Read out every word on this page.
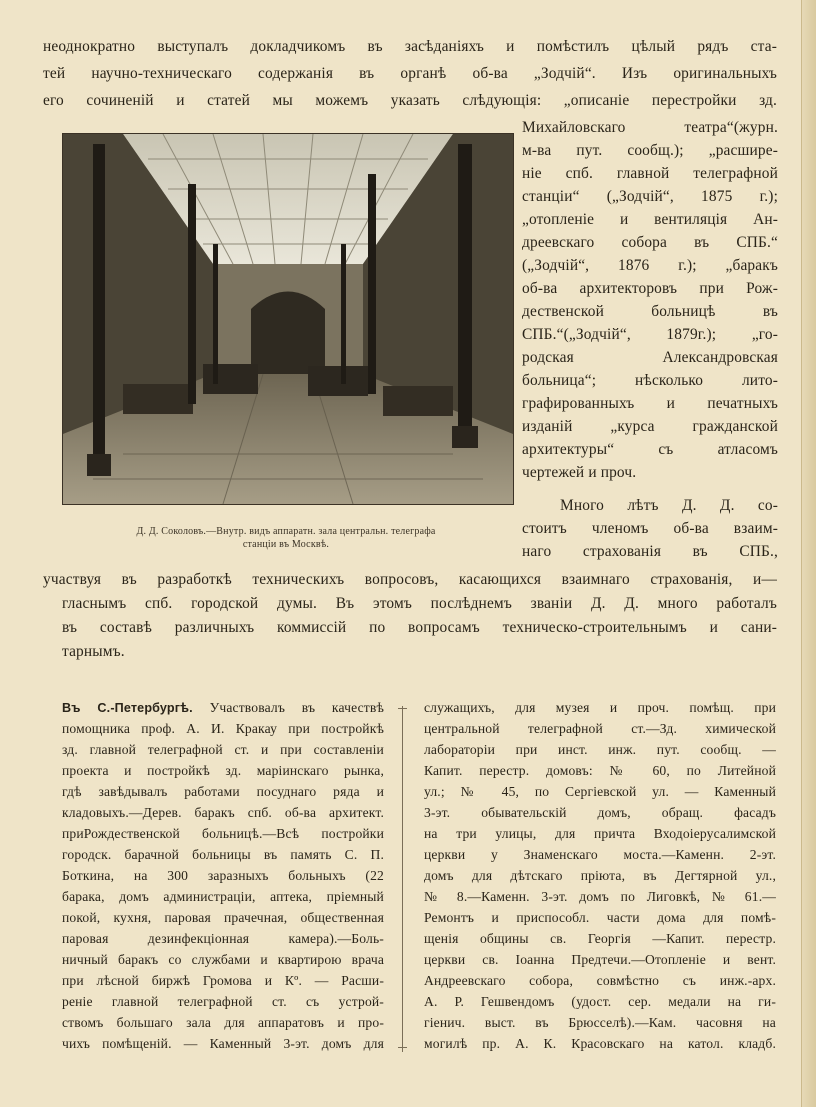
неоднократно выступалъ докладчикомъ въ засѣданіяхъ и помѣстилъ цѣлый рядъ ста-
тей научно-техническаго содержанія въ органѣ об-ва „Зодчій“. Изъ оригинальныхъ
его сочиненій и статей мы можемъ указать слѣдующія: „описаніе перестройки зд.
Д. Д. Соколовъ.—Внутр. видъ аппаратн. зала центральн. телеграфа
станціи въ Москвѣ.
Михайловскаго театра“(журн.
м-ва пут. сообщ.); „расшире-
ніе спб. главной телеграфной
станціи“ („Зодчій“, 1875 г.);
„отопленіе и вентиляція Ан-
дреевскаго собора въ СПБ.“
(„Зодчій“, 1876 г.); „баракъ
об-ва архитекторовъ при Рож-
дественской больницѣ въ
СПБ.“(„Зодчій“, 1879г.); „го-
родская Александровская
больница“; нѣсколько лито-
графированныхъ и печатныхъ
изданій „курса гражданской
архитектуры“ съ атласомъ
чертежей и проч.
Много лѣтъ Д. Д. со-
стоитъ членомъ об-ва взаим-
наго страхованія въ СПБ.,
участвуя въ разработкѣ техническихъ вопросовъ, касающихся взаимнаго страхованія, и—
гласнымъ спб. городской думы. Въ этомъ послѣднемъ званіи Д. Д. много работалъ
въ составѣ различныхъ коммиссій по вопросамъ техническо-строительнымъ и сани-
тарнымъ.
Въ С.-Петербургѣ. Участвовалъ въ качествѣ
помощника проф. А. И. Кракау при постройкѣ
зд. главной телеграфной ст. и при составленіи
проекта и постройкѣ зд. маріинскаго рынка,
гдѣ завѣдывалъ работами посуднаго ряда и
кладовыхъ.—Дерев. баракъ спб. об-ва архитект.
приРождественской больницѣ.—Всѣ постройки
городск. барачной больницы въ память С. П.
Боткина, на 300 заразныхъ больныхъ (22
барака, домъ администраціи, аптека, пріемный
покой, кухня, паровая прачечная, общественная
паровая дезинфекціонная камера).—Боль-
ничный баракъ со службами и квартирою врача
при лѣсной биржѣ Громова и Кº. — Расши-
реніе главной телеграфной ст. съ устрой-
ствомъ большаго зала для аппаратовъ и про-
чихъ помѣщеній. — Каменный 3-эт. домъ для
служащихъ, для музея и проч. помѣщ. при
центральной телеграфной ст.—Зд. химической
лабораторіи при инст. инж. пут. сообщ. —
Капит. перестр. домовъ: № 60, по Литейной
ул.; № 45, по Сергіевской ул. — Каменный
3-эт. обывательскій домъ, обращ. фасадъ
на три улицы, для причта Входоіерусалимской
церкви у Знаменскаго моста.—Каменн. 2-эт.
домъ для дѣтскаго пріюта, въ Дегтярной ул.,
№ 8.—Каменн. 3-эт. домъ по Лиговкѣ, № 61.—
Ремонтъ и приспособл. части дома для помѣ-
щенія общины св. Георгія —Капит. перестр.
церкви св. Іоанна Предтечи.—Отопленіе и вент.
Андреевскаго собора, совмѣстно съ инж.-арх.
А. Р. Гешвендомъ (удост. сер. медали на ги-
гіенич. выст. въ Брюсселѣ).—Кам. часовня на
могилѣ пр. А. К. Красовскаго на катол. кладб.
